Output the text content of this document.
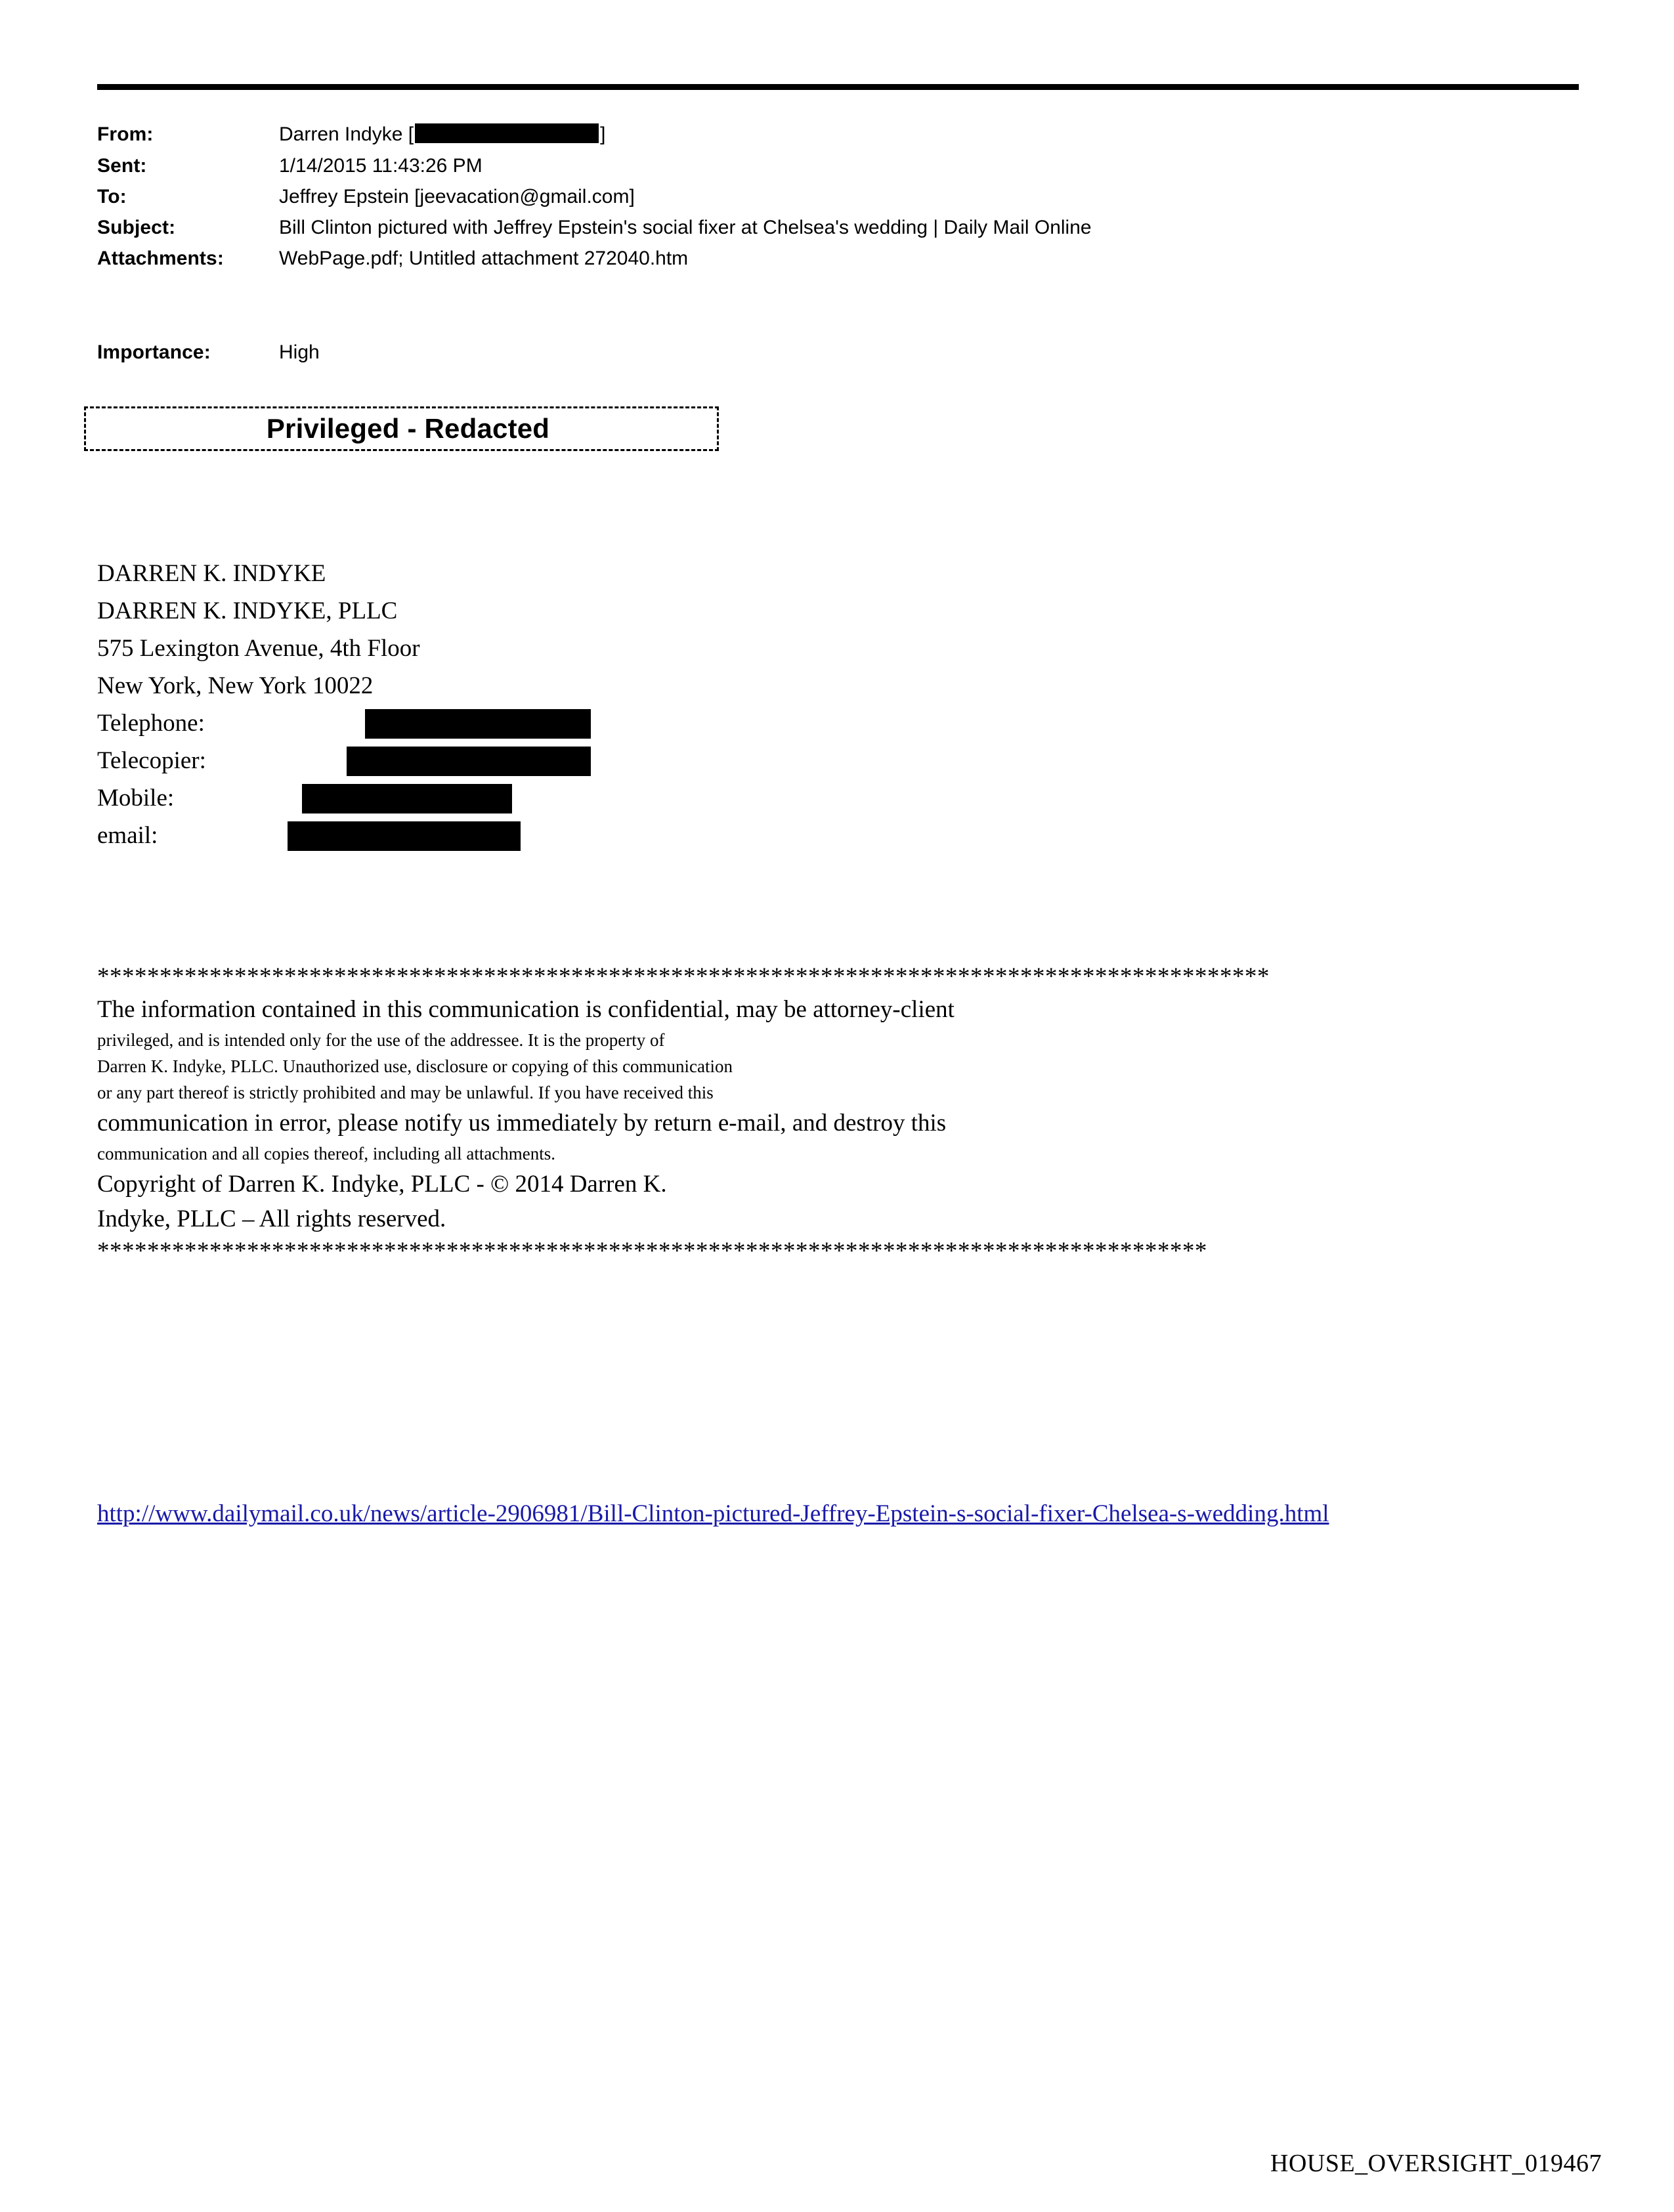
From:	Darren Indyke [	]
Sent:	1/14/2015 11:43:26 PM
To:	Jeffrey Epstein [jeevacation@gmail.com]
Subject:	Bill Clinton pictured with Jeffrey Epstein's social fixer at Chelsea's wedding | Daily Mail Online
Attachments:	WebPage.pdf; Untitled attachment 272040.htm
Importance:	High
Privileged - Redacted
DARREN K. INDYKE
DARREN K. INDYKE, PLLC
575 Lexington Avenue, 4th Floor
New York, New York 10022
Telephone:
Telecopier:
Mobile:
email:
**********************************************************************************************
The information contained in this communication is confidential, may be attorney-client
privileged, and is intended only for the use of the addressee. It is the property of
Darren K. Indyke, PLLC. Unauthorized use, disclosure or copying of this communication
or any part thereof is strictly prohibited and may be unlawful. If you have received this
communication in error, please notify us immediately by return e-mail, and destroy this
communication and all copies thereof, including all attachments.
Copyright of Darren K. Indyke, PLLC - © 2014 Darren K.
Indyke, PLLC – All rights reserved.
*****************************************************************************************
http://www.dailymail.co.uk/news/article-2906981/Bill-Clinton-pictured-Jeffrey-Epstein-s-social-fixer-Chelsea-s-wedding.html
HOUSE_OVERSIGHT_019467
